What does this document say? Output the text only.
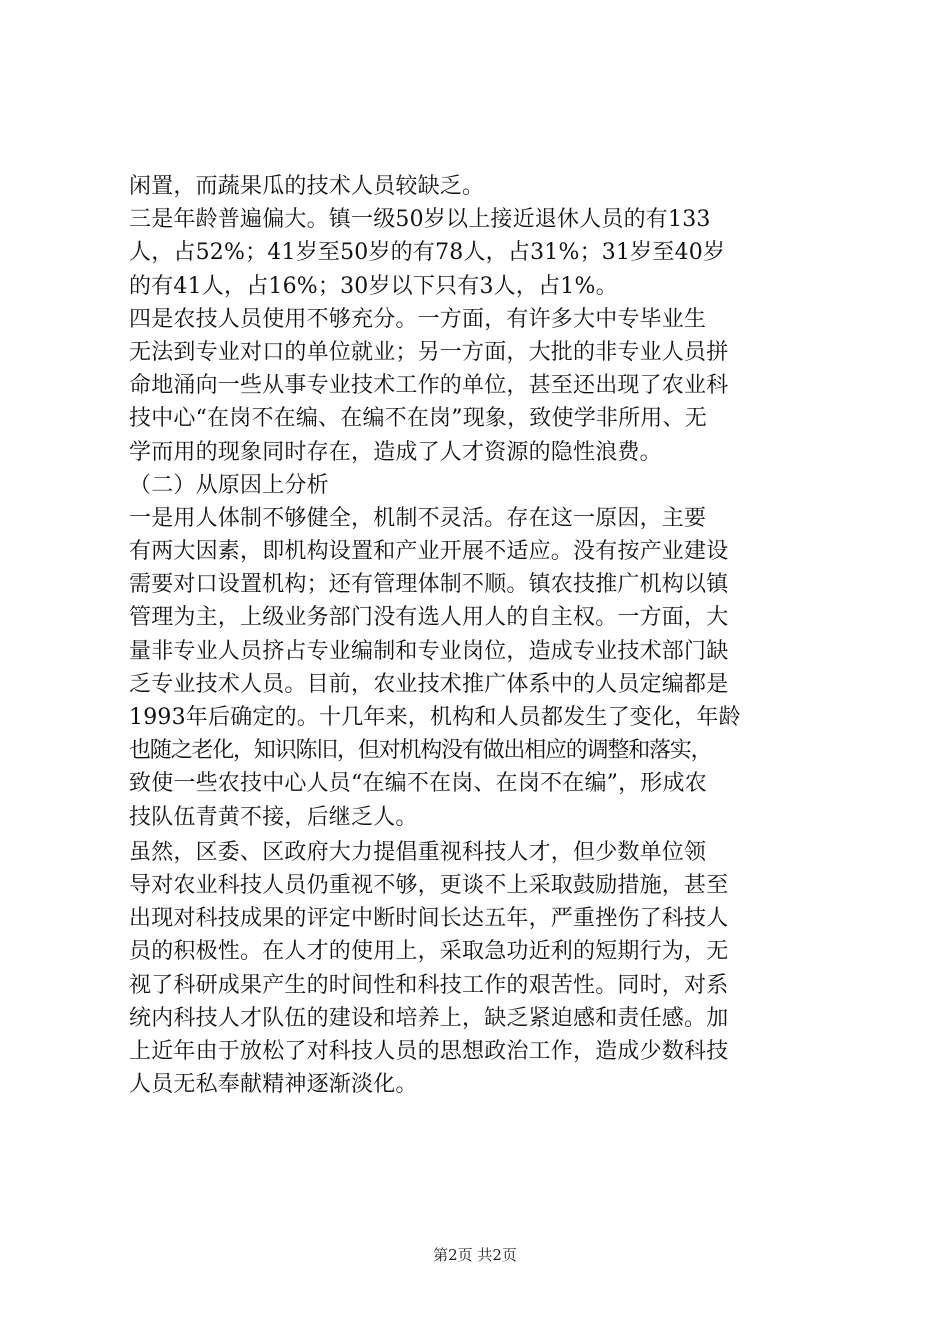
闲置，而蔬果瓜的技术人员较缺乏。
三是年龄普遍偏大。镇一级50岁以上接近退休人员的有133
人，占52%；41岁至50岁的有78人，占31%；31岁至40岁
的有41人，占16%；30岁以下只有3人，占1%。
四是农技人员使用不够充分。一方面，有许多大中专毕业生
无法到专业对口的单位就业；另一方面，大批的非专业人员拼
命地涌向一些从事专业技术工作的单位，甚至还出现了农业科
技中心“在岗不在编、在编不在岗”现象，致使学非所用、无
学而用的现象同时存在，造成了人才资源的隐性浪费。
（二）从原因上分析
一是用人体制不够健全，机制不灵活。存在这一原因，主要
有两大因素，即机构设置和产业开展不适应。没有按产业建设
需要对口设置机构；还有管理体制不顺。镇农技推广机构以镇
管理为主，上级业务部门没有选人用人的自主权。一方面，大
量非专业人员挤占专业编制和专业岗位，造成专业技术部门缺
乏专业技术人员。目前，农业技术推广体系中的人员定编都是
1993年后确定的。十几年来，机构和人员都发生了变化，年龄
也随之老化，知识陈旧，但对机构没有做出相应的调整和落实，
致使一些农技中心人员“在编不在岗、在岗不在编”，形成农
技队伍青黄不接，后继乏人。
虽然，区委、区政府大力提倡重视科技人才，但少数单位领
导对农业科技人员仍重视不够，更谈不上采取鼓励措施，甚至
出现对科技成果的评定中断时间长达五年，严重挫伤了科技人
员的积极性。在人才的使用上，采取急功近利的短期行为，无
视了科研成果产生的时间性和科技工作的艰苦性。同时，对系
统内科技人才队伍的建设和培养上，缺乏紧迫感和责任感。加
上近年由于放松了对科技人员的思想政治工作，造成少数科技
人员无私奉献精神逐渐淡化。
第2页 共2页
